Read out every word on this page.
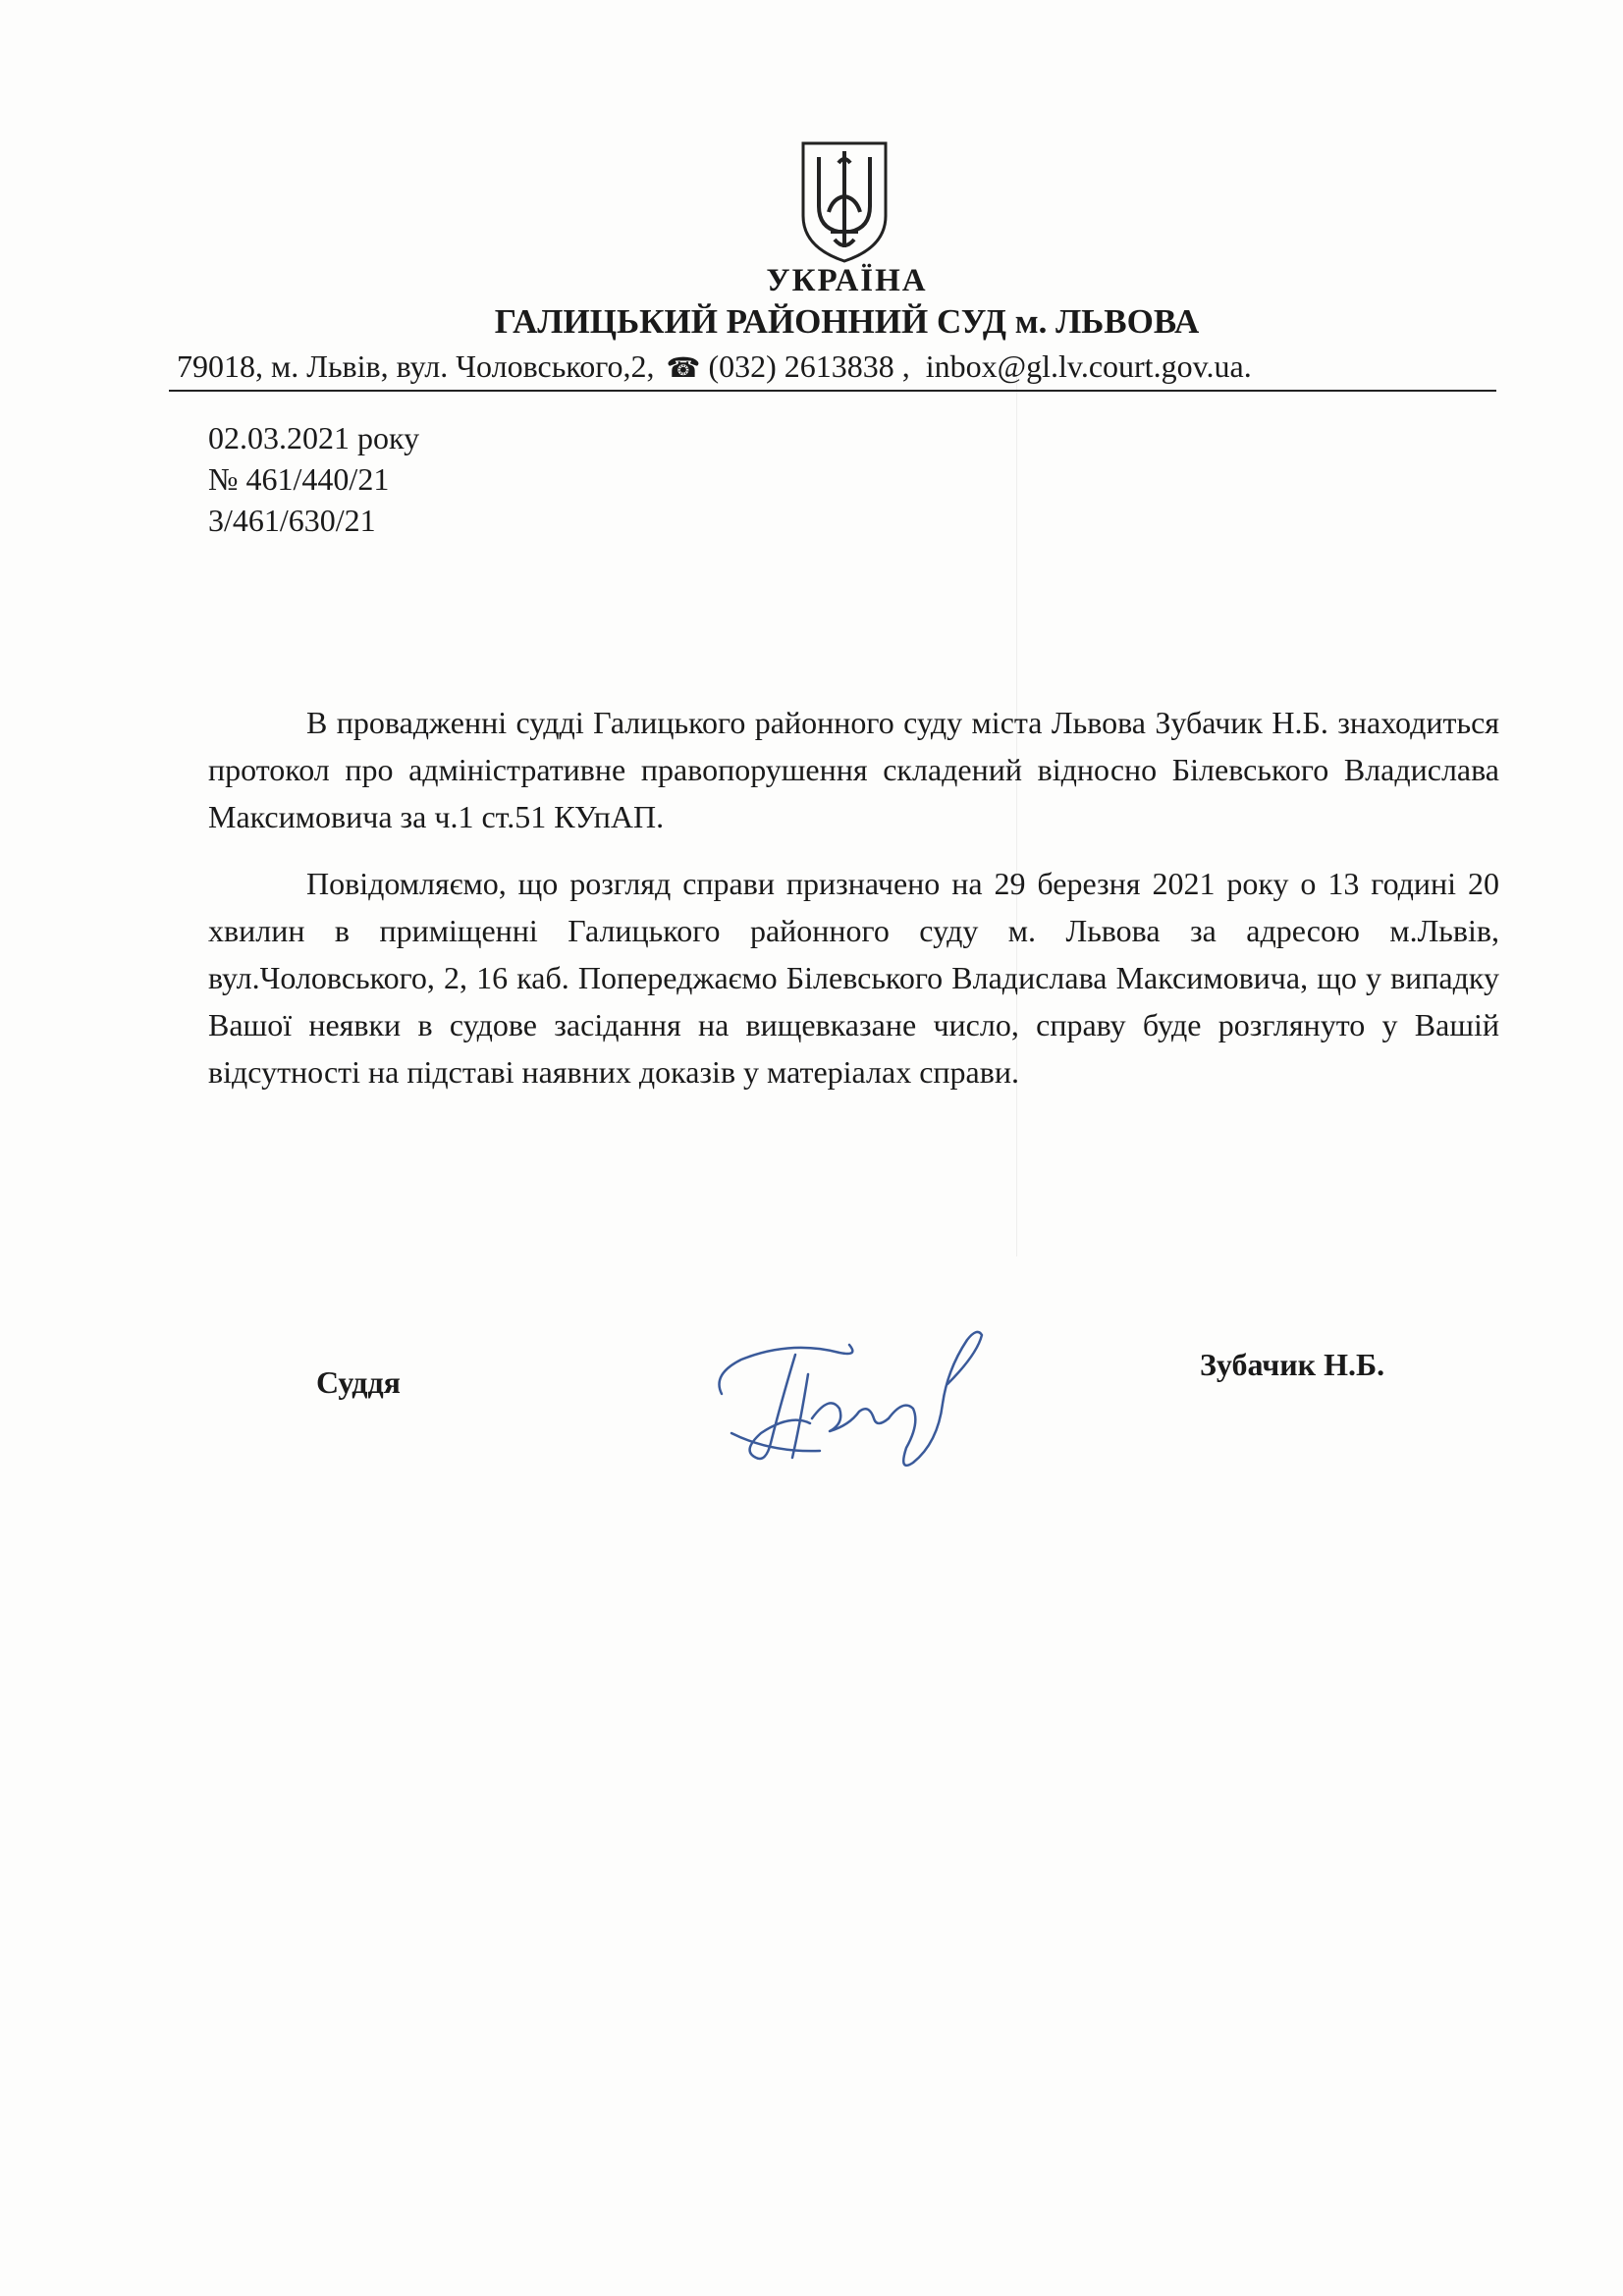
УКРАЇНА
ГАЛИЦЬКИЙ РАЙОННИЙ СУД м. ЛЬВОВА
79018, м. Львів, вул. Чоловського,2, ☎ (032) 2613838 , inbox@gl.lv.court.gov.ua.
02.03.2021 року
№ 461/440/21
3/461/630/21

В провадженні судді Галицького районного суду міста Львова Зубачик Н.Б. знаходиться протокол про адміністративне правопорушення складений відносно Білевського Владислава Максимовича за ч.1 ст.51 КУпАП.

Повідомляємо, що розгляд справи призначено на 29 березня 2021 року о 13 годині 20 хвилин в приміщенні Галицького районного суду м. Львова за адресою м.Львів, вул.Чоловського, 2, 16 каб. Попереджаємо Білевського Владислава Максимовича, що у випадку Вашої неявки в судове засідання на вищевказане число, справу буде розглянуто у Вашій відсутності на підставі наявних доказів у матеріалах справи.

Суддя	Зубачик Н.Б.
